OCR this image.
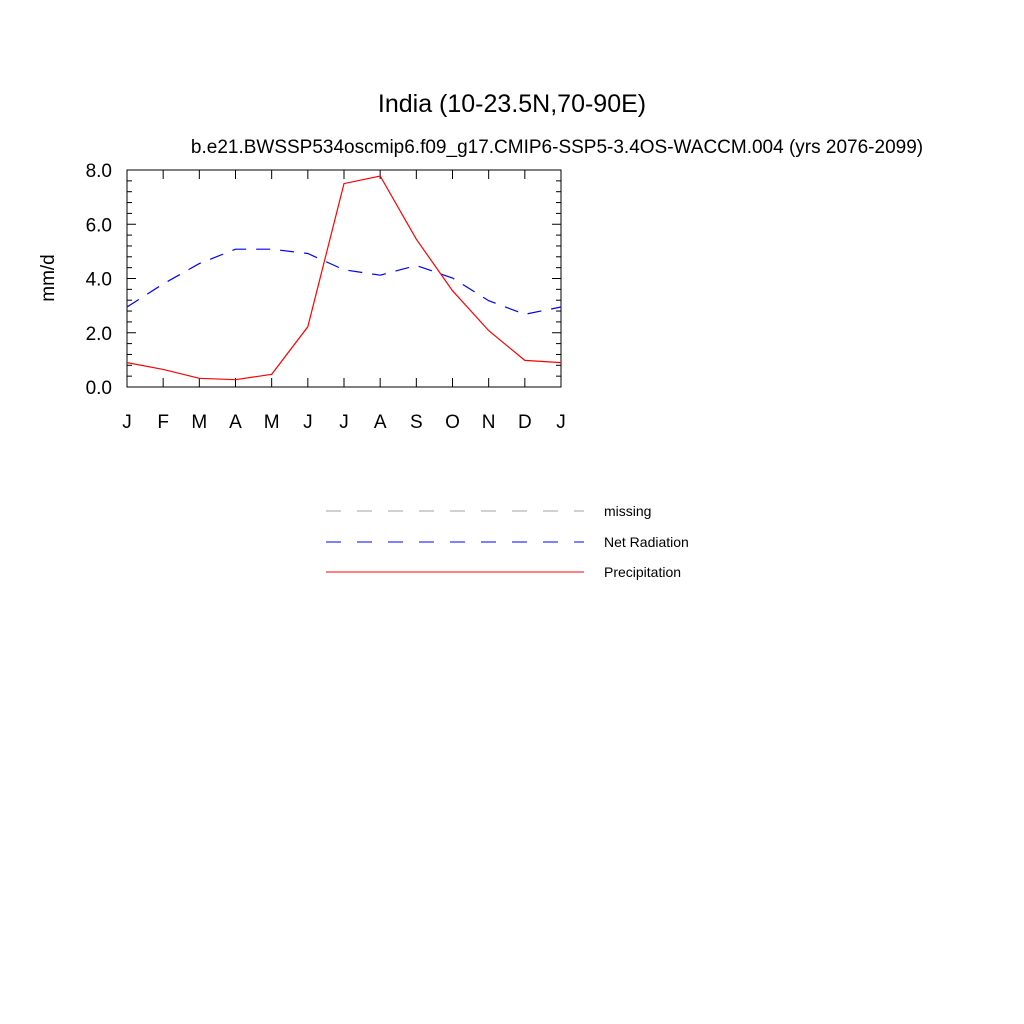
India (10-23.5N,70-90E)
b.e21.BWSSP534oscmip6.f09_g17.CMIP6-SSP5-3.4OS-WACCM.004 (yrs 2076-2099)
mm/d
0.0
2.0
4.0
6.0
8.0
J F M A M J J A S O N D J
missing
Net Radiation
Precipitation
